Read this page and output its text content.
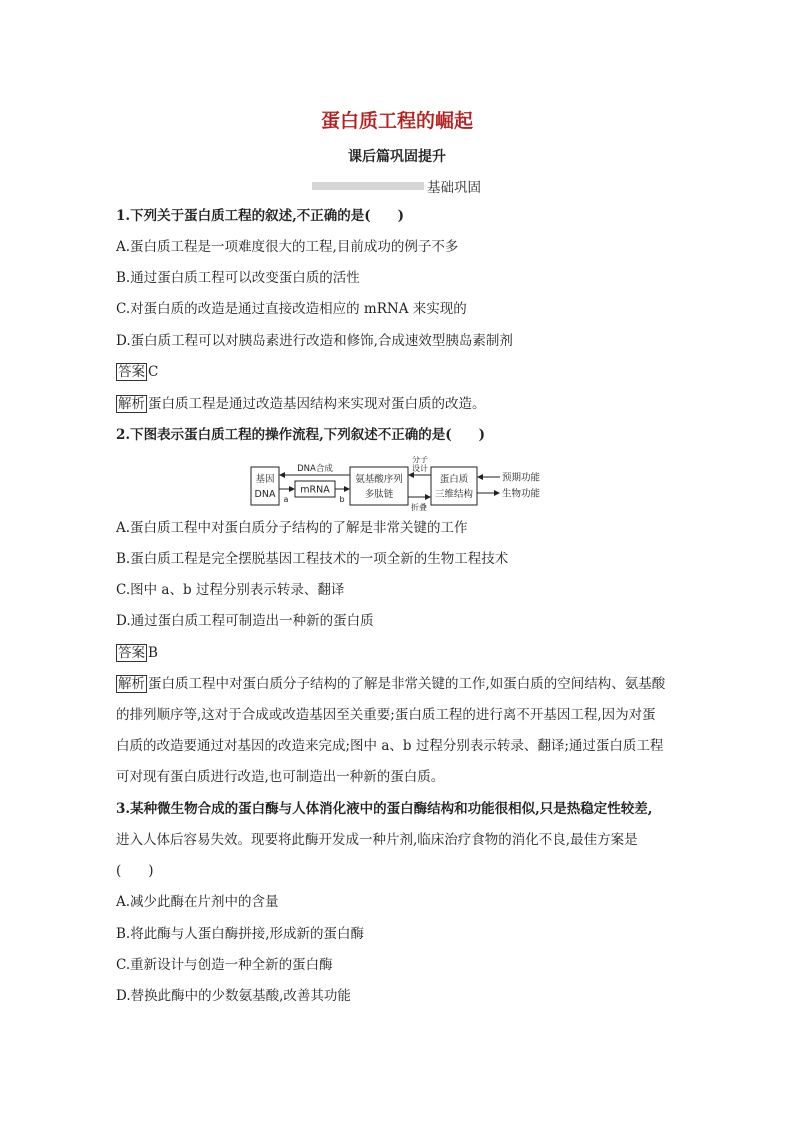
蛋白质工程的崛起
课后篇巩固提升
基础巩固
1.下列关于蛋白质工程的叙述,不正确的是(　　)
A.蛋白质工程是一项难度很大的工程,目前成功的例子不多
B.通过蛋白质工程可以改变蛋白质的活性
C.对蛋白质的改造是通过直接改造相应的 mRNA 来实现的
D.蛋白质工程可以对胰岛素进行改造和修饰,合成速效型胰岛素制剂
答案 C
解析 蛋白质工程是通过改造基因结构来实现对蛋白质的改造。
2.下图表示蛋白质工程的操作流程,下列叙述不正确的是(　　)
基因
DNA	mRNA
氨基酸序列
多肽链
蛋白质
三维结构
DNA合成
a	b
分子
设计
折叠
预期功能
生物功能
A.蛋白质工程中对蛋白质分子结构的了解是非常关键的工作
B.蛋白质工程是完全摆脱基因工程技术的一项全新的生物工程技术
C.图中 a、b 过程分别表示转录、翻译
D.通过蛋白质工程可制造出一种新的蛋白质
答案 B
解析 蛋白质工程中对蛋白质分子结构的了解是非常关键的工作,如蛋白质的空间结构、氨基酸
的排列顺序等,这对于合成或改造基因至关重要;蛋白质工程的进行离不开基因工程,因为对蛋
白质的改造要通过对基因的改造来完成;图中 a、b 过程分别表示转录、翻译;通过蛋白质工程
可对现有蛋白质进行改造,也可制造出一种新的蛋白质。
3.某种微生物合成的蛋白酶与人体消化液中的蛋白酶结构和功能很相似,只是热稳定性较差,
进入人体后容易失效。现要将此酶开发成一种片剂,临床治疗食物的消化不良,最佳方案是
(　　)
A.减少此酶在片剂中的含量
B.将此酶与人蛋白酶拼接,形成新的蛋白酶
C.重新设计与创造一种全新的蛋白酶
D.替换此酶中的少数氨基酸,改善其功能
